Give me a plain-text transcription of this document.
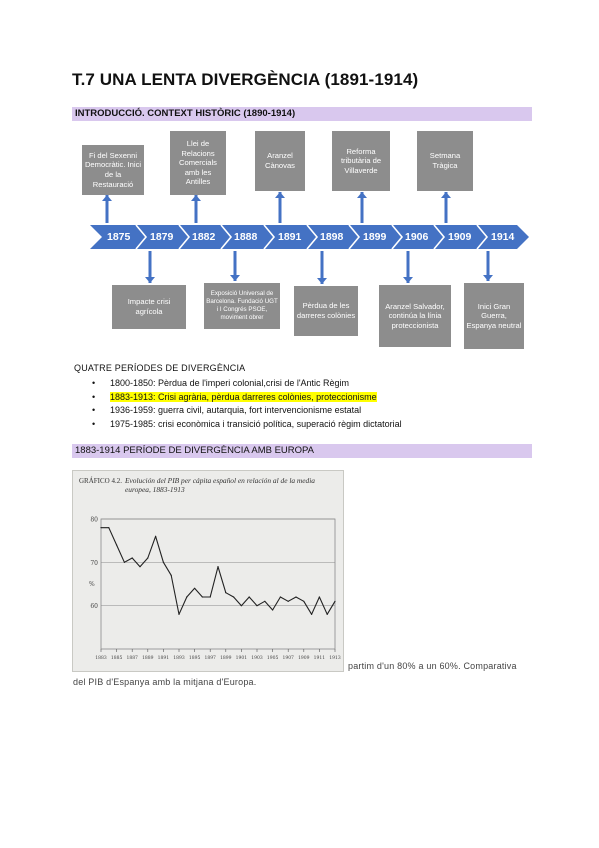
T.7 UNA LENTA DIVERGÈNCIA (1891-1914)
INTRODUCCIÓ. CONTEXT HISTÒRIC (1890-1914)
1875 1879 1882 1888 1891 1898 1899 1906 1909 1914
Fi del Sexenni Democràtic. Inici de la Restauració
Llei de Relacions Comercials amb les Antilles
Aranzel Cànovas
Reforma tributària de Villaverde
Setmana Tràgica
Impacte crisi agrícola
Exposició Universal de Barcelona. Fundació UGT i I Congrés PSOE, moviment obrer
Pèrdua de les darreres colònies
Aranzel Salvador, continúa la línia proteccionista
Inici Gran Guerra, Espanya neutral
QUATRE PERÍODES DE DIVERGÈNCIA
• 1800-1850: Pèrdua de l'imperi colonial,crisi de l'Antic Règim
• 1883-1913: Crisi agrària, pèrdua darreres colònies, proteccionisme
• 1936-1959: guerra civil, autarquia, fort intervencionisme estatal
• 1975-1985: crisi econòmica i transició política, superació règim dictatorial
1883-1914 PERÍODE DE DIVERGÈNCIA AMB EUROPA
GRÁFICO 4.2. Evolución del PIB per cápita español en relación al de la media europea, 1883-1913
60
70
80
%
1883 1885 1887 1889 1891 1893 1895 1897 1899 1901 1903 1905 1907 1909 1911 1913
partim d'un 80% a un 60%. Comparativa
del PIB d'Espanya amb la mitjana d'Europa.
